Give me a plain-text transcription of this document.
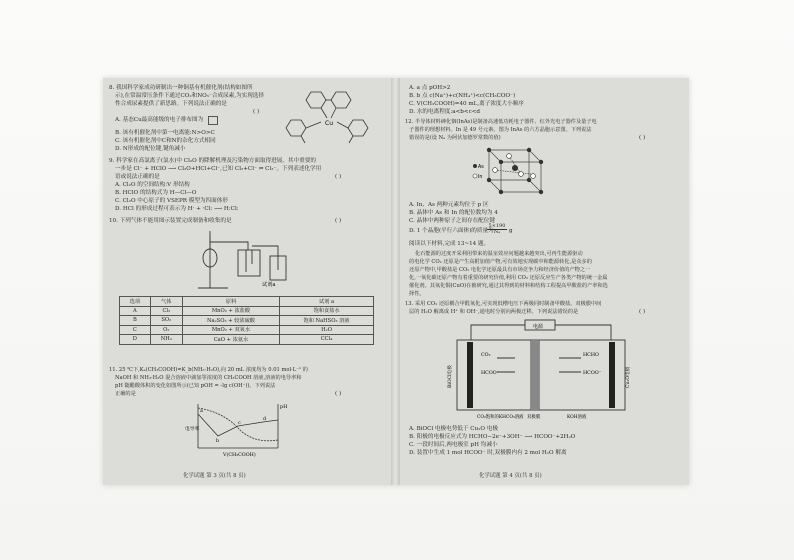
8. 我国科学家成功研制出一种铜基有机催化剂(结构如图所
示),在常温常压条件下通过CO₂和NO₃⁻合成尿素,为实现选择
性合成尿素提供了新思路。下列说法正确的是
( )
A. 基态Cu最高能级的电子排布图为
B. 该有机催化剂中第一电离能:N>O>C
C. 该有机催化剂中C和N的杂化方式相同
D. N形成的配位键,键角减小
Cu
9. 科学家在高氯离子(氯水)中 Cl₂O 的降解机理及污染物方面取得进展。其中重要的
一步是 Cl⁻ + HClO ⟶ Cl₂O+HCl+Cl⁻,已知 Cl₂+Cl⁻ ⇌ Cl₃⁻。下列表述化学用
语或说法正确的是	( )
A. Cl₂O 的空间结构:V 形结构
B. HClO 的结构式为 H—Cl—O
C. Cl₂O 中心原子的 VSEPR 模型为四面体形
D. HCl 的形成过程可表示为 H· + ·Cl: ⟶ H:Cl:
10. 下列气体不能用图示装置完成制备和收集的是	( )
试剂a
选项	气体	原料	试剂 a
A	Cl₂	MnO₂ + 浓盐酸	饱和食盐水
B	SO₂	Na₂SO₃ + 较浓硫酸	饱和 NaHSO₃ 溶液
C	O₂	MnO₂ + 双氧水	H₂O
D	NH₃	CaO + 浓氨水	CCl₄
11. 25 ℃下,Kₐ(CH₃COOH)=K_b(NH₃·H₂O),向 20 mL 浓度均为 0.01 mol·L⁻¹ 的
NaOH 和 NH₃·H₂O 混合溶液中滴加等浓度的 CH₃COOH 溶液,溶液的电导率和
pH 随醋酸体积的变化如图所示(已知 pOH = -lg c(OH⁻))。下列说法
正确的是	( )
电导率
pH
V(CH₃COOH)
a
b
c
d
化学试题 第 3 页(共 8 页)
A. a 点 pOH>2
B. b 点 c(Na⁺)+c(NH₄⁺)<c(CH₃COO⁻)
C. V(CH₃COOH)=40 mL,离子浓度大小顺序
D. 水的电离程度:a<b<c<d
12. 半导体材料砷化铟(InAs)是制备高速低功耗电子器件、红外光电子器件及量子电
子器件的理想材料。In 是 49 号元素。图为 InAs 的六方晶胞示意图。下列说法
错误的是(设 Nₐ 为阿伏加德罗常数的值)	( )
As
In
A. In、As 两种元素均位于 p 区
B. 晶体中 As 和 In 的配位数均为 4
C. 晶体中两种原子之间存在配位键
D. 1 个晶胞(平行六面体)的质量为
5×190
Nₐ	g
阅读以下材料,完成 13~14 题。
化石能源的过度开采利用带来的温室效应问题越来越突出,可再生能源驱动
的电化学 CO₂ 还原是产生高附加值产物,可有效地实现碳中和能源转化,是众多的
还原产物中,甲酸盐是 CO₂ 电化学还原最具有市场竞争力和经济价值的产物之一
化,一氧化碳还原产物有着重要的研究价值,利用 CO₂ 还原反应生产各类产物的统一金属
催化剂。其氧化铜(CuO)在被研究,通过其得到的材料和结构工程提高甲酸盐的产率和选
择性。
13. 采用 CO₂ 还原耦合甲醛氧化,可实现低槽电压下两极同时制备甲酸盐。双极膜中间
层的 H₂O 解离成 H⁺ 和 OH⁻,通电时分别向两极迁移。下列说法错误的是	( )
电源
BiOCl电极	Cu₂O电极
CO₂
HCOO⁻
HCHO
HCOO⁻
CO₂饱和的KHCO₃溶液 双极膜	KOH溶液
A. BiOCl 电极电势低于 Cu₂O 电极
B. 阳极的电极反应式为 HCHO−2e⁻+3OH⁻ ⟶ HCOO⁻+2H₂O
C. 一段时间后,两电极室 pH 均减小
D. 装置中生成 1 mol HCOO⁻ 时,双极膜内有 2 mol H₂O 解离
化学试题 第 4 页(共 8 页)
